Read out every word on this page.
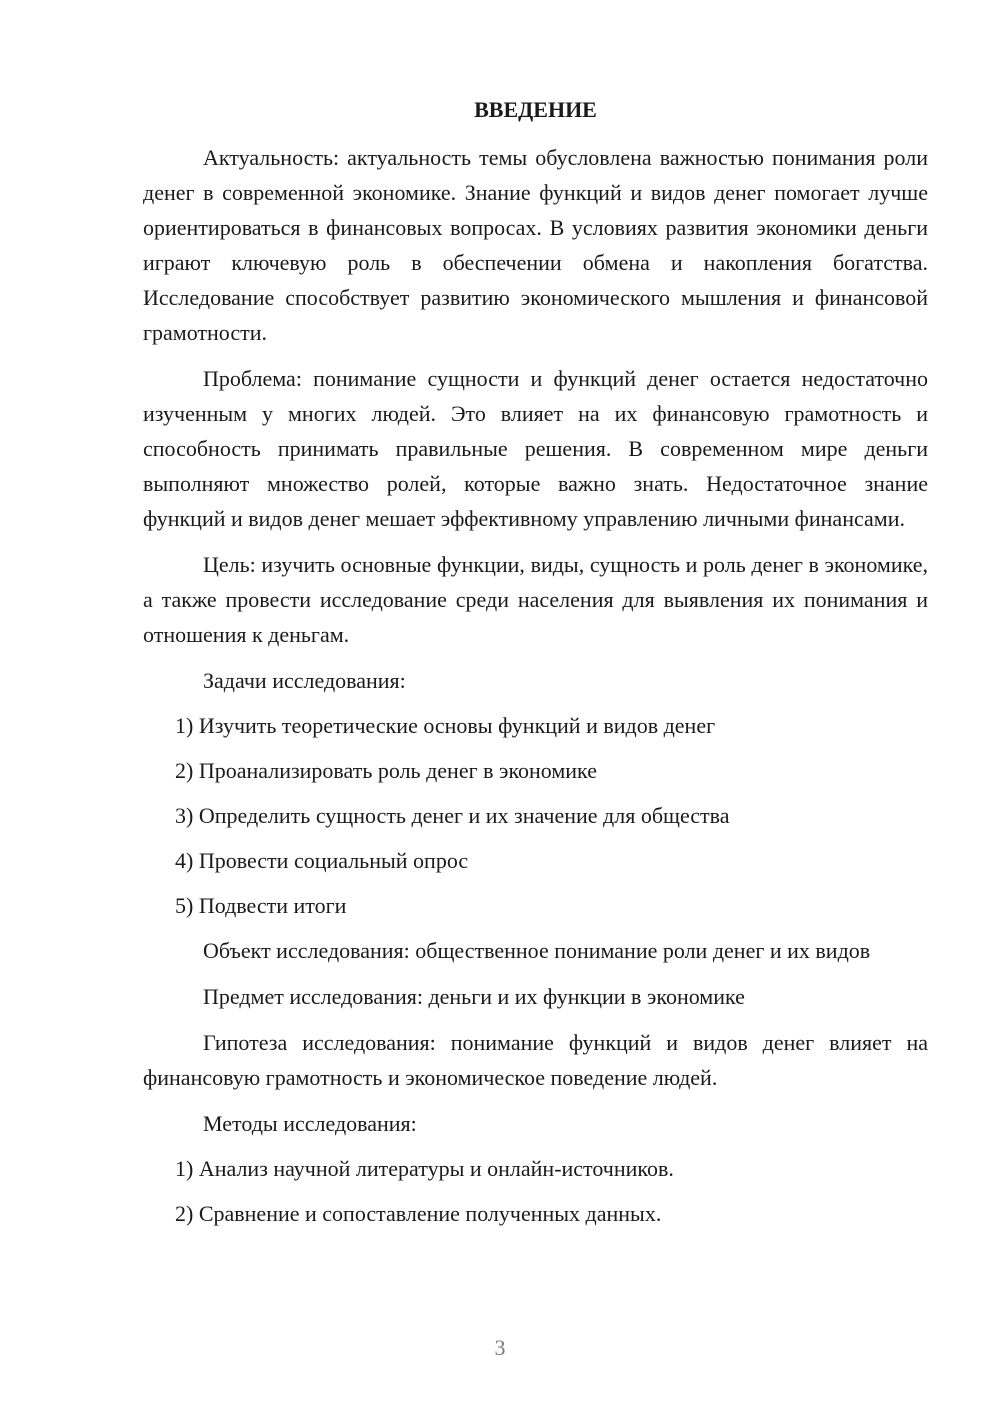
ВВЕДЕНИЕ

Актуальность: актуальность темы обусловлена важностью понимания роли денег в современной экономике. Знание функций и видов денег помогает лучше ориентироваться в финансовых вопросах. В условиях развития экономики деньги играют ключевую роль в обеспечении обмена и накопления богатства. Исследование способствует развитию экономического мышления и финансовой грамотности.

Проблема: понимание сущности и функций денег остается недостаточно изученным у многих людей. Это влияет на их финансовую грамотность и способность принимать правильные решения. В современном мире деньги выполняют множество ролей, которые важно знать. Недостаточное знание функций и видов денег мешает эффективному управлению личными финансами.

Цель: изучить основные функции, виды, сущность и роль денег в экономике, а также провести исследование среди населения для выявления их понимания и отношения к деньгам.

Задачи исследования:
1) Изучить теоретические основы функций и видов денег
2) Проанализировать роль денег в экономике
3) Определить сущность денег и их значение для общества
4) Провести социальный опрос
5) Подвести итоги

Объект исследования: общественное понимание роли денег и их видов

Предмет исследования: деньги и их функции в экономике

Гипотеза исследования: понимание функций и видов денег влияет на финансовую грамотность и экономическое поведение людей.

Методы исследования:
1) Анализ научной литературы и онлайн-источников.
2) Сравнение и сопоставление полученных данных.
3
